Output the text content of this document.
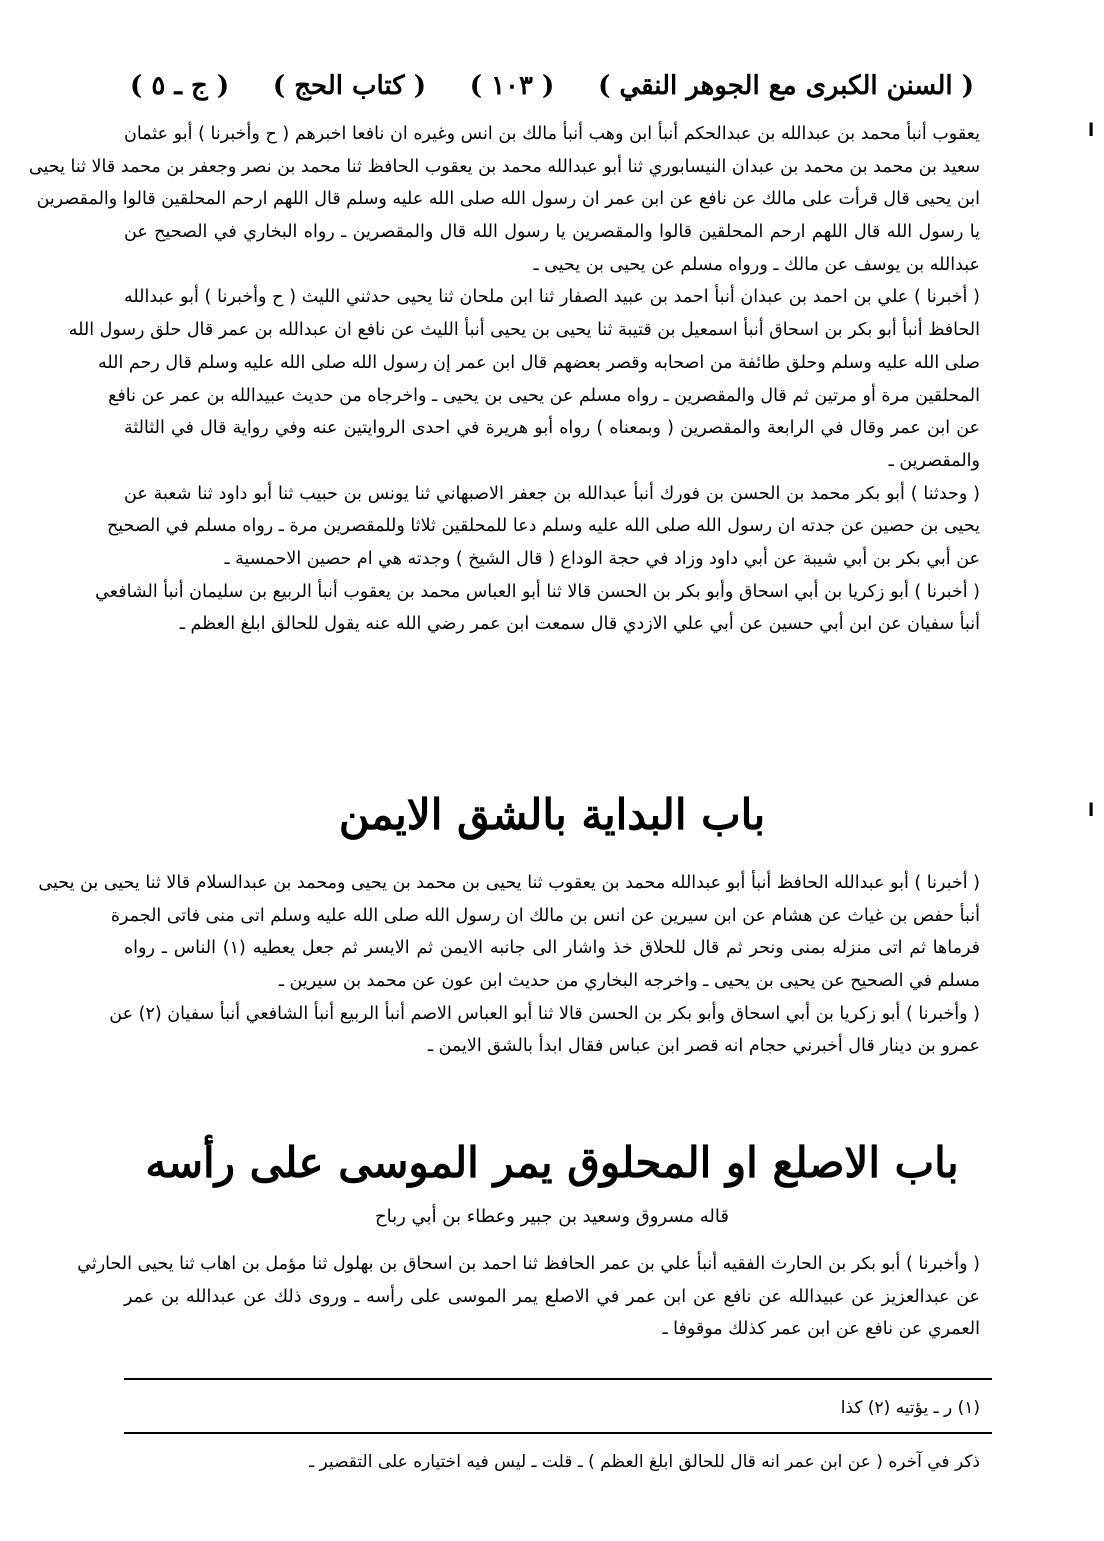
( السنن الكبرى مع الجوهر النقي )
( ١٠٣ )
( كتاب الحج )
( ج ـ ٥ )
ا
ا
يعقوب أنبأ محمد بن عبدالله بن عبدالحكم أنبأ ابن وهب أنبأ مالك بن انس وغيره ان نافعا اخبرهم ( ح وأخبرنا ) أبو عثمان
سعيد بن محمد بن محمد بن عبدان النيسابوري ثنا أبو عبدالله محمد بن يعقوب الحافظ ثنا محمد بن نصر وجعفر بن محمد قالا ثنا يحيى
ابن يحيى قال قرأت على مالك عن نافع عن ابن عمر ان رسول الله صلى الله عليه وسلم قال اللهم ارحم المحلقين قالوا والمقصرين
يا رسول الله قال اللهم ارحم المحلقين قالوا والمقصرين يا رسول الله قال والمقصرين ـ رواه البخاري في الصحيح عن
عبدالله بن يوسف عن مالك ـ ورواه مسلم عن يحيى بن يحيى ـ
( أخبرنا ) علي بن احمد بن عبدان أنبأ احمد بن عبيد الصفار ثنا ابن ملحان ثنا يحيى حدثني الليث ( ح وأخبرنا ) أبو عبدالله
الحافظ أنبأ أبو بكر بن اسحاق أنبأ اسمعيل بن قتيبة ثنا يحيى بن يحيى أنبأ الليث عن نافع ان عبدالله بن عمر قال حلق رسول الله
صلى الله عليه وسلم وحلق طائفة من اصحابه وقصر بعضهم قال ابن عمر إن رسول الله صلى الله عليه وسلم قال رحم الله
المحلقين مرة أو مرتين ثم قال والمقصرين ـ رواه مسلم عن يحيى بن يحيى ـ واخرجاه من حديث عبيدالله بن عمر عن نافع
عن ابن عمر وقال في الرابعة والمقصرين ( وبمعناه ) رواه أبو هريرة في احدى الروايتين عنه وفي رواية قال في الثالثة
والمقصرين ـ
( وحدثنا ) أبو بكر محمد بن الحسن بن فورك أنبأ عبدالله بن جعفر الاصبهاني ثنا يونس بن حبيب ثنا أبو داود ثنا شعبة عن
يحيى بن حصين عن جدته ان رسول الله صلى الله عليه وسلم دعا للمحلقين ثلاثا وللمقصرين مرة ـ رواه مسلم في الصحيح
عن أبي بكر بن أبي شيبة عن أبي داود وزاد في حجة الوداع ( قال الشيخ ) وجدته هي ام حصين الاحمسية ـ
( أخبرنا ) أبو زكريا بن أبي اسحاق وأبو بكر بن الحسن قالا ثنا أبو العباس محمد بن يعقوب أنبأ الربيع بن سليمان أنبأ الشافعي
أنبأ سفيان عن ابن أبي حسين عن أبي علي الازدي قال سمعت ابن عمر رضي الله عنه يقول للحالق ابلغ العظم ـ
باب البداية بالشق الايمن
( أخبرنا ) أبو عبدالله الحافظ أنبأ أبو عبدالله محمد بن يعقوب ثنا يحيى بن محمد بن يحيى ومحمد بن عبدالسلام قالا ثنا يحيى بن يحيى
أنبأ حفص بن غياث عن هشام عن ابن سيرين عن انس بن مالك ان رسول الله صلى الله عليه وسلم اتى منى فاتى الجمرة
فرماها ثم اتى منزله بمنى ونحر ثم قال للحلاق خذ واشار الى جانبه الايمن ثم الايسر ثم جعل يعطيه (١) الناس ـ رواه
مسلم في الصحيح عن يحيى بن يحيى ـ واخرجه البخاري من حديث ابن عون عن محمد بن سيرين ـ
( وأخبرنا ) أبو زكريا بن أبي اسحاق وأبو بكر بن الحسن قالا ثنا أبو العباس الاصم أنبأ الربيع أنبأ الشافعي أنبأ سفيان (٢) عن
عمرو بن دينار قال أخبرني حجام انه قصر ابن عباس فقال ابدأ بالشق الايمن ـ
باب الاصلع او المحلوق يمر الموسى على رأسه
قاله مسروق وسعيد بن جبير وعطاء بن أبي رباح
( وأخبرنا ) أبو بكر بن الحارث الفقيه أنبأ علي بن عمر الحافظ ثنا احمد بن اسحاق بن بهلول ثنا مؤمل بن اهاب ثنا يحيى الحارثي
عن عبدالعزيز عن عبيدالله عن نافع عن ابن عمر في الاصلع يمر الموسى على رأسه ـ وروى ذلك عن عبدالله بن عمر
العمري عن نافع عن ابن عمر كذلك موقوفا ـ
(١) ر ـ يؤتيه (٢) كذا
ذكر في آخره ( عن ابن عمر انه قال للحالق ابلغ العظم ) ـ قلت ـ ليس فيه اختياره على التقصير ـ
